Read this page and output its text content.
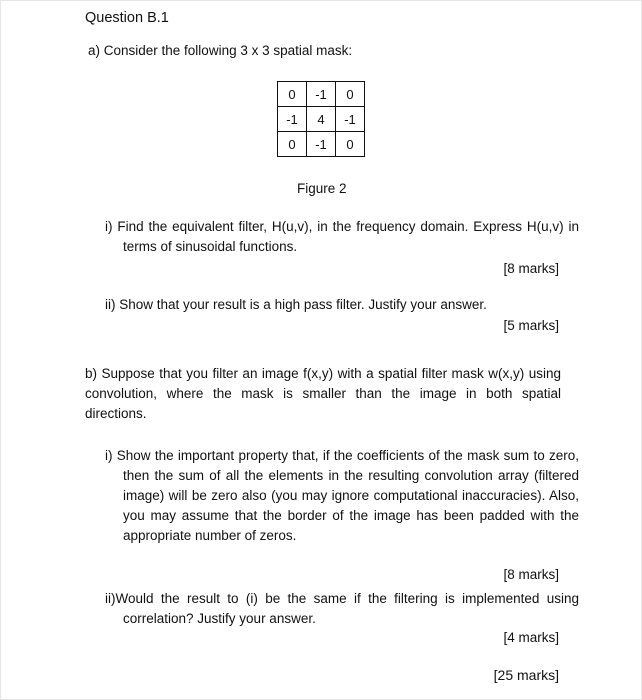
Question B.1
a) Consider the following 3 x 3 spatial mask:
0	-1	0
-1	4	-1
0	-1	0
Figure 2
i) Find the equivalent filter, H(u,v), in the frequency domain. Express H(u,v) in terms of sinusoidal functions.
[8 marks]
ii) Show that your result is a high pass filter. Justify your answer.
[5 marks]
b) Suppose that you filter an image f(x,y) with a spatial filter mask w(x,y) using convolution, where the mask is smaller than the image in both spatial directions.
i) Show the important property that, if the coefficients of the mask sum to zero, then the sum of all the elements in the resulting convolution array (filtered image) will be zero also (you may ignore computational inaccuracies). Also, you may assume that the border of the image has been padded with the appropriate number of zeros.
[8 marks]
ii)Would the result to (i) be the same if the filtering is implemented using correlation? Justify your answer.
[4 marks]
[25 marks]
